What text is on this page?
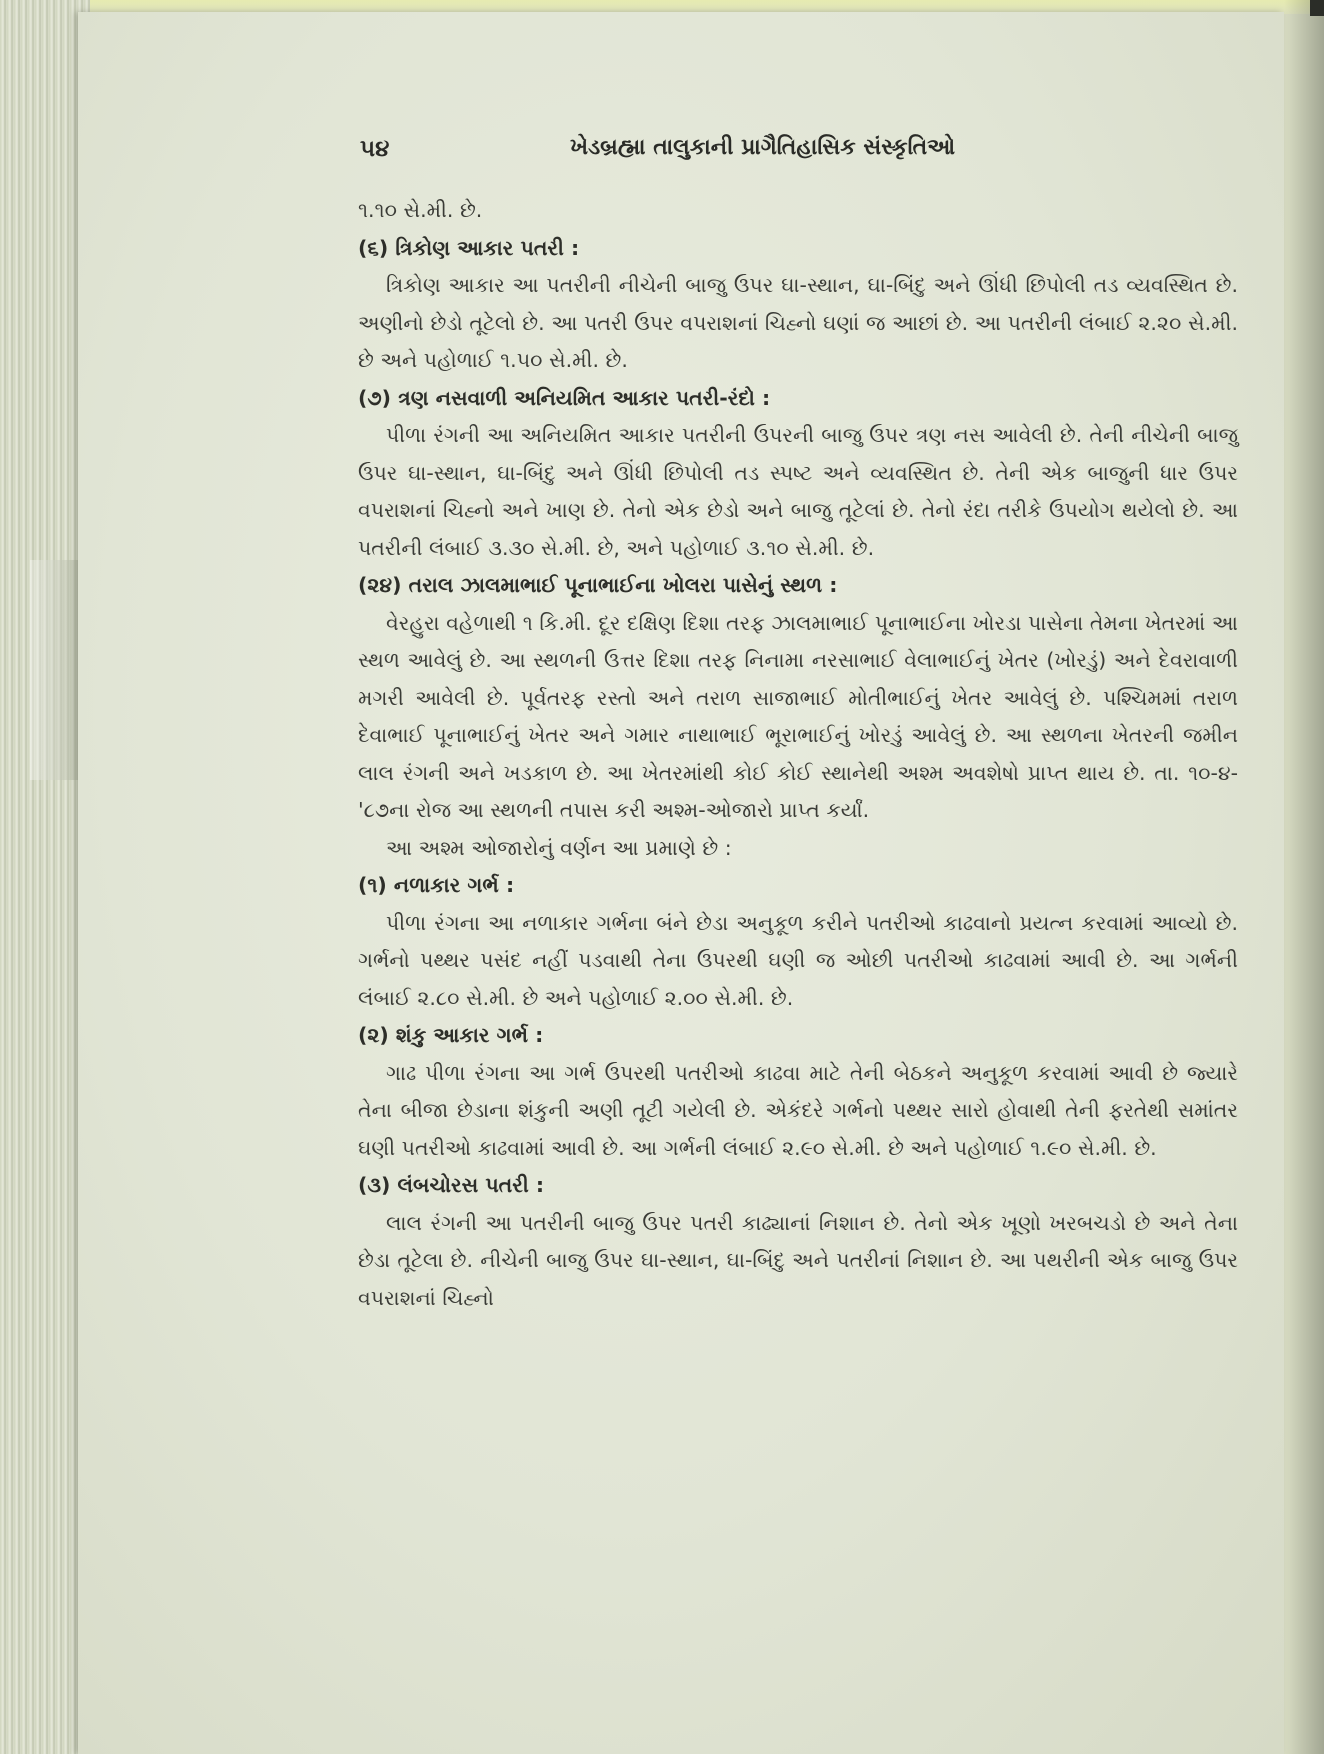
૫૪	ખેડબ્રહ્મા તાલુકાની પ્રાગૈતિહાસિક સંસ્કૃતિઓ

૧.૧૦ સે.મી. છે.

(૬) ત્રિકોણ આકાર પતરી :

ત્રિકોણ આકાર આ પતરીની નીચેની બાજુ ઉપર ઘા-સ્થાન, ઘા-બિંદુ અને ઊંધી છિપોલી તડ વ્યવસ્થિત છે. અણીનો છેડો તૂટેલો છે. આ પતરી ઉપર વપરાશનાં ચિહ્નો ઘણાં જ આછાં છે. આ પતરીની લંબાઈ ૨.૨૦ સે.મી. છે અને પહોળાઈ ૧.૫૦ સે.મી. છે.

(૭) ત્રણ નસવાળી અનિયમિત આકાર પતરી-રંદો :

પીળા રંગની આ અનિયમિત આકાર પતરીની ઉપરની બાજુ ઉપર ત્રણ નસ આવેલી છે. તેની નીચેની બાજુ ઉપર ઘા-સ્થાન, ઘા-બિંદુ અને ઊંધી છિપોલી તડ સ્પષ્ટ અને વ્યવસ્થિત છે. તેની એક બાજુની ધાર ઉપર વપરાશનાં ચિહ્નો અને ખાણ છે. તેનો એક છેડો અને બાજુ તૂટેલાં છે. તેનો રંદા તરીકે ઉપયોગ થયેલો છે. આ પતરીની લંબાઈ ૩.૩૦ સે.મી. છે, અને પહોળાઈ ૩.૧૦ સે.મી. છે.

(૨૪) તરાલ ઝાલમાભાઈ પૂનાભાઈના ખોલરા પાસેનું સ્થળ :

વેરહુરા વહેળાથી ૧ કિ.મી. દૂર દક્ષિણ દિશા તરફ ઝાલમાભાઈ પૂનાભાઈના ખોરડા પાસેના તેમના ખેતરમાં આ સ્થળ આવેલું છે. આ સ્થળની ઉત્તર દિશા તરફ નિનામા નરસાભાઈ વેલાભાઈનું ખેતર (ખોરડું) અને દેવરાવાળી મગરી આવેલી છે. પૂર્વતરફ રસ્તો અને તરાળ સાજાભાઈ મોતીભાઈનું ખેતર આવેલું છે. પશ્ચિમમાં તરાળ દેવાભાઈ પૂનાભાઈનું ખેતર અને ગમાર નાથાભાઈ ભૂરાભાઈનું ખોરડું આવેલું છે. આ સ્થળના ખેતરની જમીન લાલ રંગની અને ખડકાળ છે. આ ખેતરમાંથી કોઈ કોઈ સ્થાનેથી અશ્મ અવશેષો પ્રાપ્ત થાય છે. તા. ૧૦-૪-'૮૭ના રોજ આ સ્થળની તપાસ કરી અશ્મ-ઓજારો પ્રાપ્ત કર્યાં.

આ અશ્મ ઓજારોનું વર્ણન આ પ્રમાણે છે :

(૧) નળાકાર ગર્ભ :

પીળા રંગના આ નળાકાર ગર્ભના બંને છેડા અનુકૂળ કરીને પતરીઓ કાઢવાનો પ્રયત્ન કરવામાં આવ્યો છે. ગર્ભનો પથ્થર પસંદ નહીં પડવાથી તેના ઉપરથી ઘણી જ ઓછી પતરીઓ કાઢવામાં આવી છે. આ ગર્ભની લંબાઈ ૨.૮૦ સે.મી. છે અને પહોળાઈ ૨.૦૦ સે.મી. છે.

(૨) શંકુ આકાર ગર્ભ :

ગાઢ પીળા રંગના આ ગર્ભ ઉપરથી પતરીઓ કાઢવા માટે તેની બેઠકને અનુકૂળ કરવામાં આવી છે જ્યારે તેના બીજા છેડાના શંકુની અણી તૂટી ગયેલી છે. એકંદરે ગર્ભનો પથ્થર સારો હોવાથી તેની ફરતેથી સમાંતર ઘણી પતરીઓ કાઢવામાં આવી છે. આ ગર્ભની લંબાઈ ૨.૯૦ સે.મી. છે અને પહોળાઈ ૧.૯૦ સે.મી. છે.

(૩) લંબચોરસ પતરી :

લાલ રંગની આ પતરીની બાજુ ઉપર પતરી કાઢ્યાનાં નિશાન છે. તેનો એક ખૂણો ખરબચડો છે અને તેના છેડા તૂટેલા છે. નીચેની બાજુ ઉપર ઘા-સ્થાન, ઘા-બિંદુ અને પતરીનાં નિશાન છે. આ પથરીની એક બાજુ ઉપર વપરાશનાં ચિહ્નો
